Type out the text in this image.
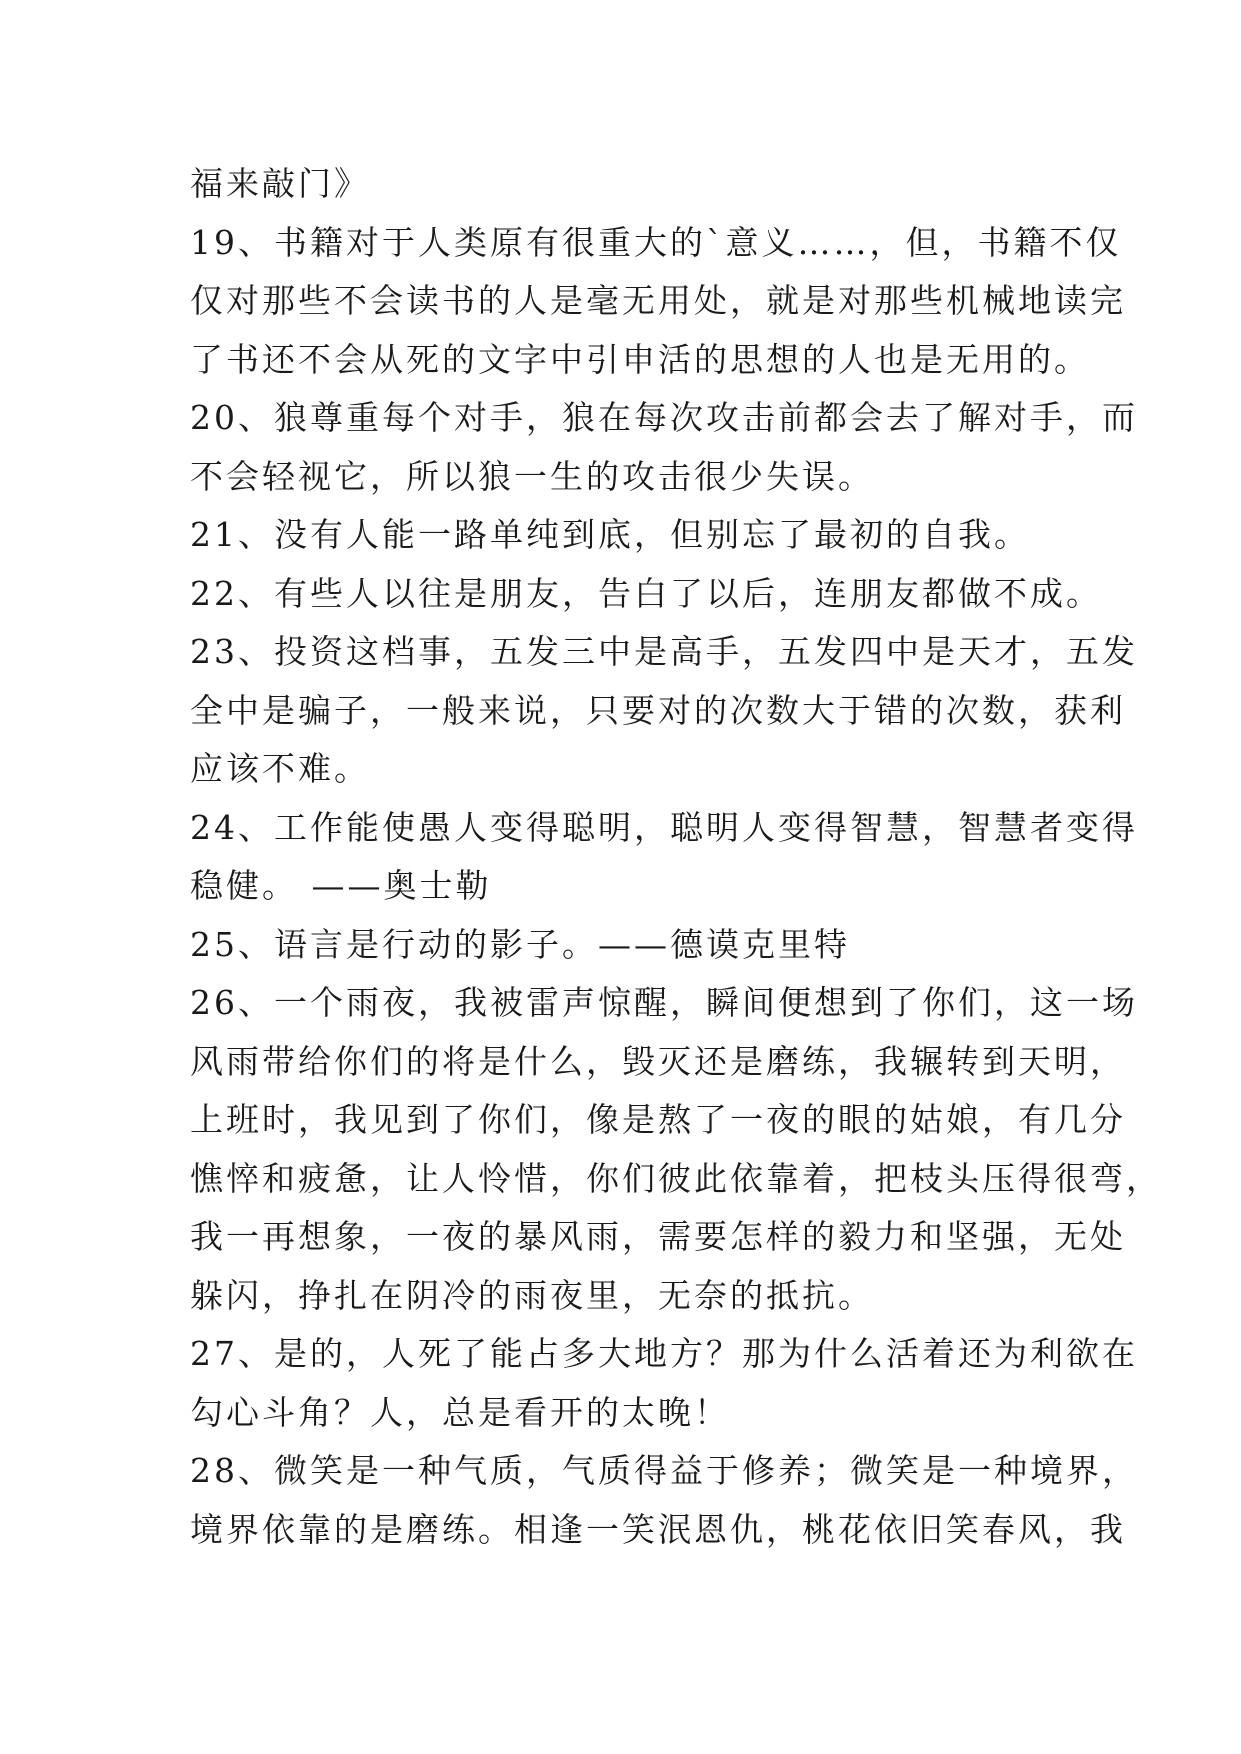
福来敲门》
19、书籍对于人类原有很重大的`意义……，但，书籍不仅
仅对那些不会读书的人是毫无用处，就是对那些机械地读完
了书还不会从死的文字中引申活的思想的人也是无用的。
20、狼尊重每个对手，狼在每次攻击前都会去了解对手，而
不会轻视它，所以狼一生的攻击很少失误。
21、没有人能一路单纯到底，但别忘了最初的自我。
22、有些人以往是朋友，告白了以后，连朋友都做不成。
23、投资这档事，五发三中是高手，五发四中是天才，五发
全中是骗子，一般来说，只要对的次数大于错的次数，获利
应该不难。
24、工作能使愚人变得聪明，聪明人变得智慧，智慧者变得
稳健。 ——奥士勒
25、语言是行动的影子。——德谟克里特
26、一个雨夜，我被雷声惊醒，瞬间便想到了你们，这一场
风雨带给你们的将是什么，毁灭还是磨练，我辗转到天明，
上班时，我见到了你们，像是熬了一夜的眼的姑娘，有几分
憔悴和疲惫，让人怜惜，你们彼此依靠着，把枝头压得很弯，
我一再想象，一夜的暴风雨，需要怎样的毅力和坚强，无处
躲闪，挣扎在阴冷的雨夜里，无奈的抵抗。
27、是的，人死了能占多大地方？那为什么活着还为利欲在
勾心斗角？人，总是看开的太晚！
28、微笑是一种气质，气质得益于修养；微笑是一种境界，
境界依靠的是磨练。相逢一笑泯恩仇，桃花依旧笑春风，我
